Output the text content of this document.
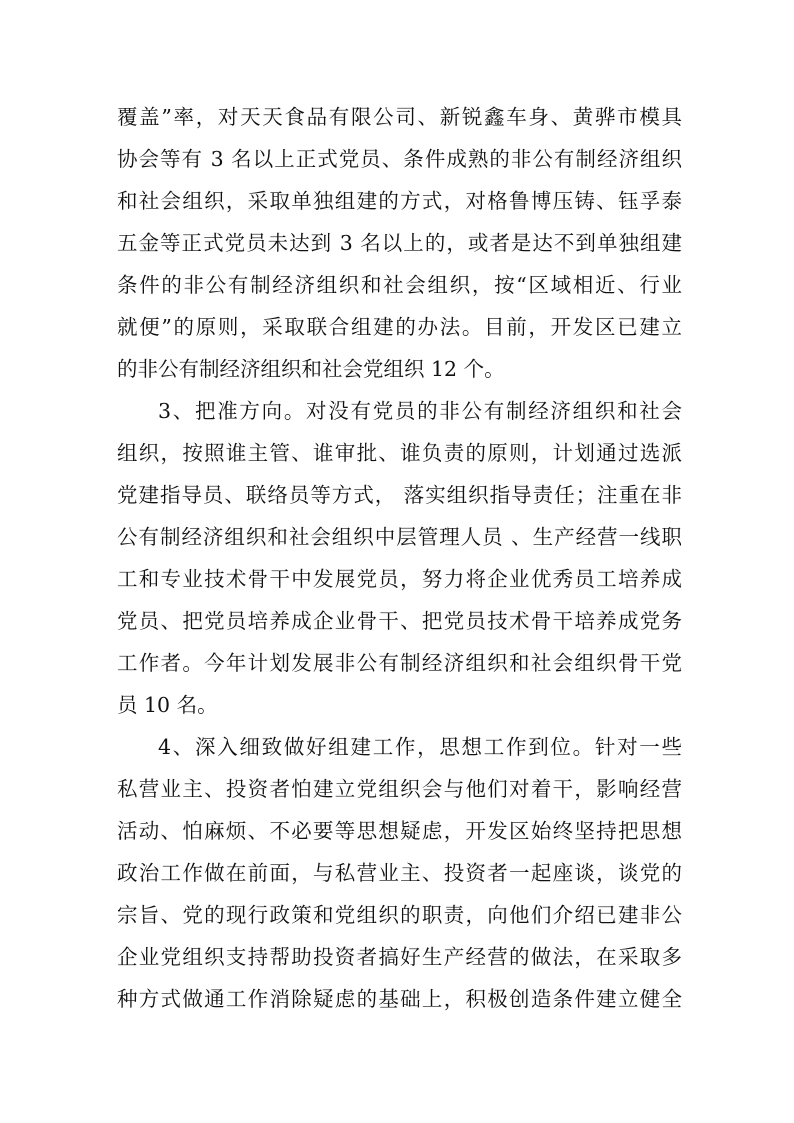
覆盖”率，对天天食品有限公司、新锐鑫车身、黄骅市模具
协会等有 3 名以上正式党员、条件成熟的非公有制经济组织
和社会组织，采取单独组建的方式，对格鲁博压铸、钰孚泰
五金等正式党员未达到 3 名以上的，或者是达不到单独组建
条件的非公有制经济组织和社会组织，按“区域相近、行业
就便”的原则，采取联合组建的办法。目前，开发区已建立
的非公有制经济组织和社会党组织 12 个。
3、把准方向。对没有党员的非公有制经济组织和社会
组织，按照谁主管、谁审批、谁负责的原则，计划通过选派
党建指导员、联络员等方式， 落实组织指导责任；注重在非
公有制经济组织和社会组织中层管理人员 、生产经营一线职
工和专业技术骨干中发展党员，努力将企业优秀员工培养成
党员、把党员培养成企业骨干、把党员技术骨干培养成党务
工作者。今年计划发展非公有制经济组织和社会组织骨干党
员 10 名。
4、深入细致做好组建工作，思想工作到位。针对一些
私营业主、投资者怕建立党组织会与他们对着干，影响经营
活动、怕麻烦、不必要等思想疑虑，开发区始终坚持把思想
政治工作做在前面，与私营业主、投资者一起座谈，谈党的
宗旨、党的现行政策和党组织的职责，向他们介绍已建非公
企业党组织支持帮助投资者搞好生产经营的做法，在采取多
种方式做通工作消除疑虑的基础上，积极创造条件建立健全
